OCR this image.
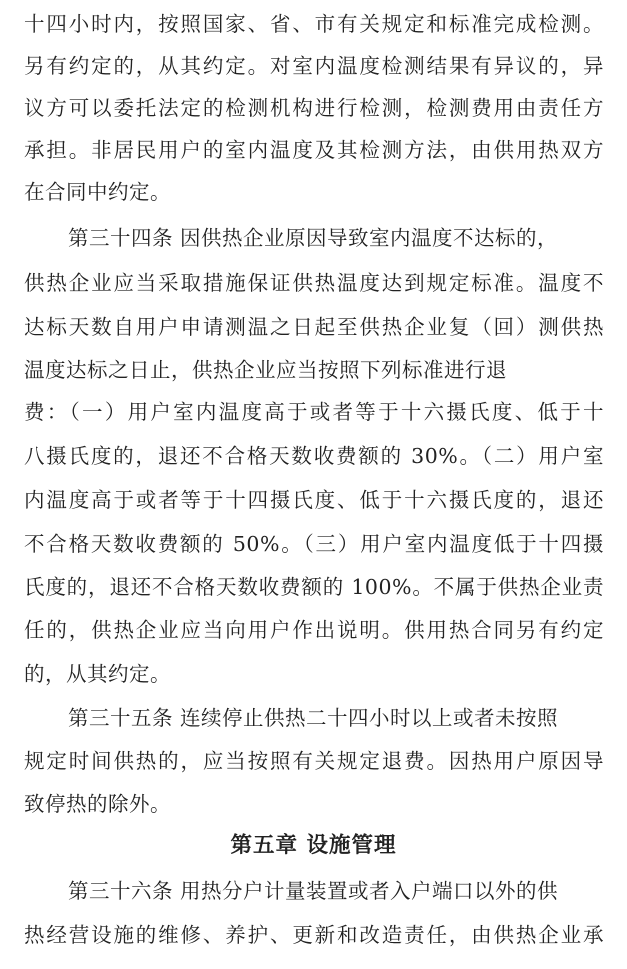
十四小时内，按照国家、省、市有关规定和标准完成检测。
另有约定的，从其约定。对室内温度检测结果有异议的，异
议方可以委托法定的检测机构进行检测，检测费用由责任方
承担。非居民用户的室内温度及其检测方法，由供用热双方
在合同中约定。
第三十四条 因供热企业原因导致室内温度不达标的，
供热企业应当采取措施保证供热温度达到规定标准。温度不
达标天数自用户申请测温之日起至供热企业复（回）测供热
温度达标之日止，供热企业应当按照下列标准进行退
费：（一）用户室内温度高于或者等于十六摄氏度、低于十
八摄氏度的，退还不合格天数收费额的 30%。（二）用户室
内温度高于或者等于十四摄氏度、低于十六摄氏度的，退还
不合格天数收费额的 50%。（三）用户室内温度低于十四摄
氏度的，退还不合格天数收费额的 100%。不属于供热企业责
任的，供热企业应当向用户作出说明。供用热合同另有约定
的，从其约定。
第三十五条 连续停止供热二十四小时以上或者未按照
规定时间供热的，应当按照有关规定退费。因热用户原因导
致停热的除外。
第五章 设施管理
第三十六条 用热分户计量装置或者入户端口以外的供
热经营设施的维修、养护、更新和改造责任，由供热企业承
